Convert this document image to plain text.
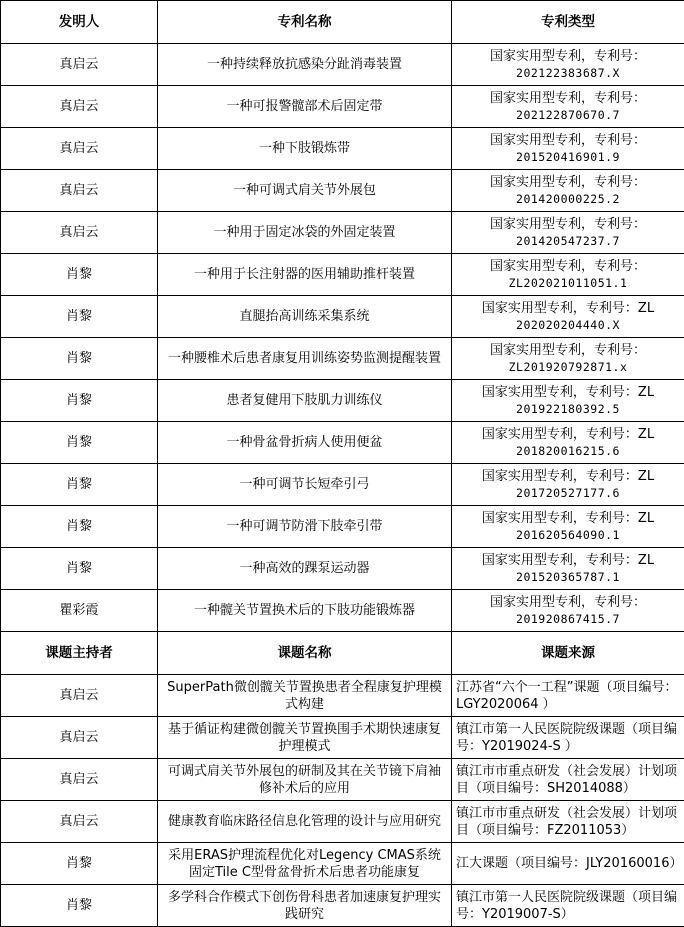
发明人	专利名称	专利类型
真启云	一种持续释放抗感染分趾消毒装置	国家实用型专利，专利号：
202122383687.X

真启云	一种可报警髋部术后固定带	国家实用型专利，专利号：
202122870670.7

真启云	一种下肢锻炼带	国家实用型专利，专利号：
201520416901.9

真启云	一种可调式肩关节外展包	国家实用型专利，专利号：
201420000225.2

真启云	一种用于固定冰袋的外固定装置	国家实用型专利，专利号：
201420547237.7

肖黎	一种用于长注射器的医用辅助推杆装置	国家实用型专利，专利号：
ZL202021011051.1

肖黎	直腿抬高训练采集系统	国家实用型专利，专利号：ZL
202020204440.X

肖黎	一种腰椎术后患者康复用训练姿势监测提醒装置	国家实用型专利，专利号：
ZL201920792871.x

肖黎	患者复健用下肢肌力训练仪	国家实用型专利，专利号：ZL
201922180392.5

肖黎	一种骨盆骨折病人使用便盆	国家实用型专利，专利号：ZL
201820016215.6

肖黎	一种可调节长短牵引弓	国家实用型专利，专利号：ZL
201720527177.6

肖黎	一种可调节防滑下肢牵引带	国家实用型专利，专利号：ZL
201620564090.1

肖黎	一种高效的踝泵运动器	国家实用型专利，专利号：ZL
201520365787.1

瞿彩霞	一种髋关节置换术后的下肢功能锻炼器	国家实用型专利，专利号：
201920867415.7

课题主持者	课题名称	课题来源
真启云	SuperPath微创髋关节置换患者全程康复护理模式构建	江苏省“六个一工程”课题（项目编号：LGY2020064 ）
真启云	基于循证构建微创髋关节置换围手术期快速康复护理模式	镇江市第一人民医院院级课题（项目编号：Y2019024-S ）
真启云	可调式肩关节外展包的研制及其在关节镜下肩袖修补术后的应用	镇江市市重点研发（社会发展）计划项目（项目编号：SH2014088）
真启云	健康教育临床路径信息化管理的设计与应用研究	镇江市市重点研发（社会发展）计划项目（项目编号：FZ2011053）
肖黎	采用ERAS护理流程优化对Legency CMAS系统固定Tile C型骨盆骨折术后患者功能康复	江大课题（项目编号：JLY20160016）
肖黎	多学科合作模式下创伤骨科患者加速康复护理实践研究	镇江市第一人民医院院级课题（项目编号：Y2019007-S）
